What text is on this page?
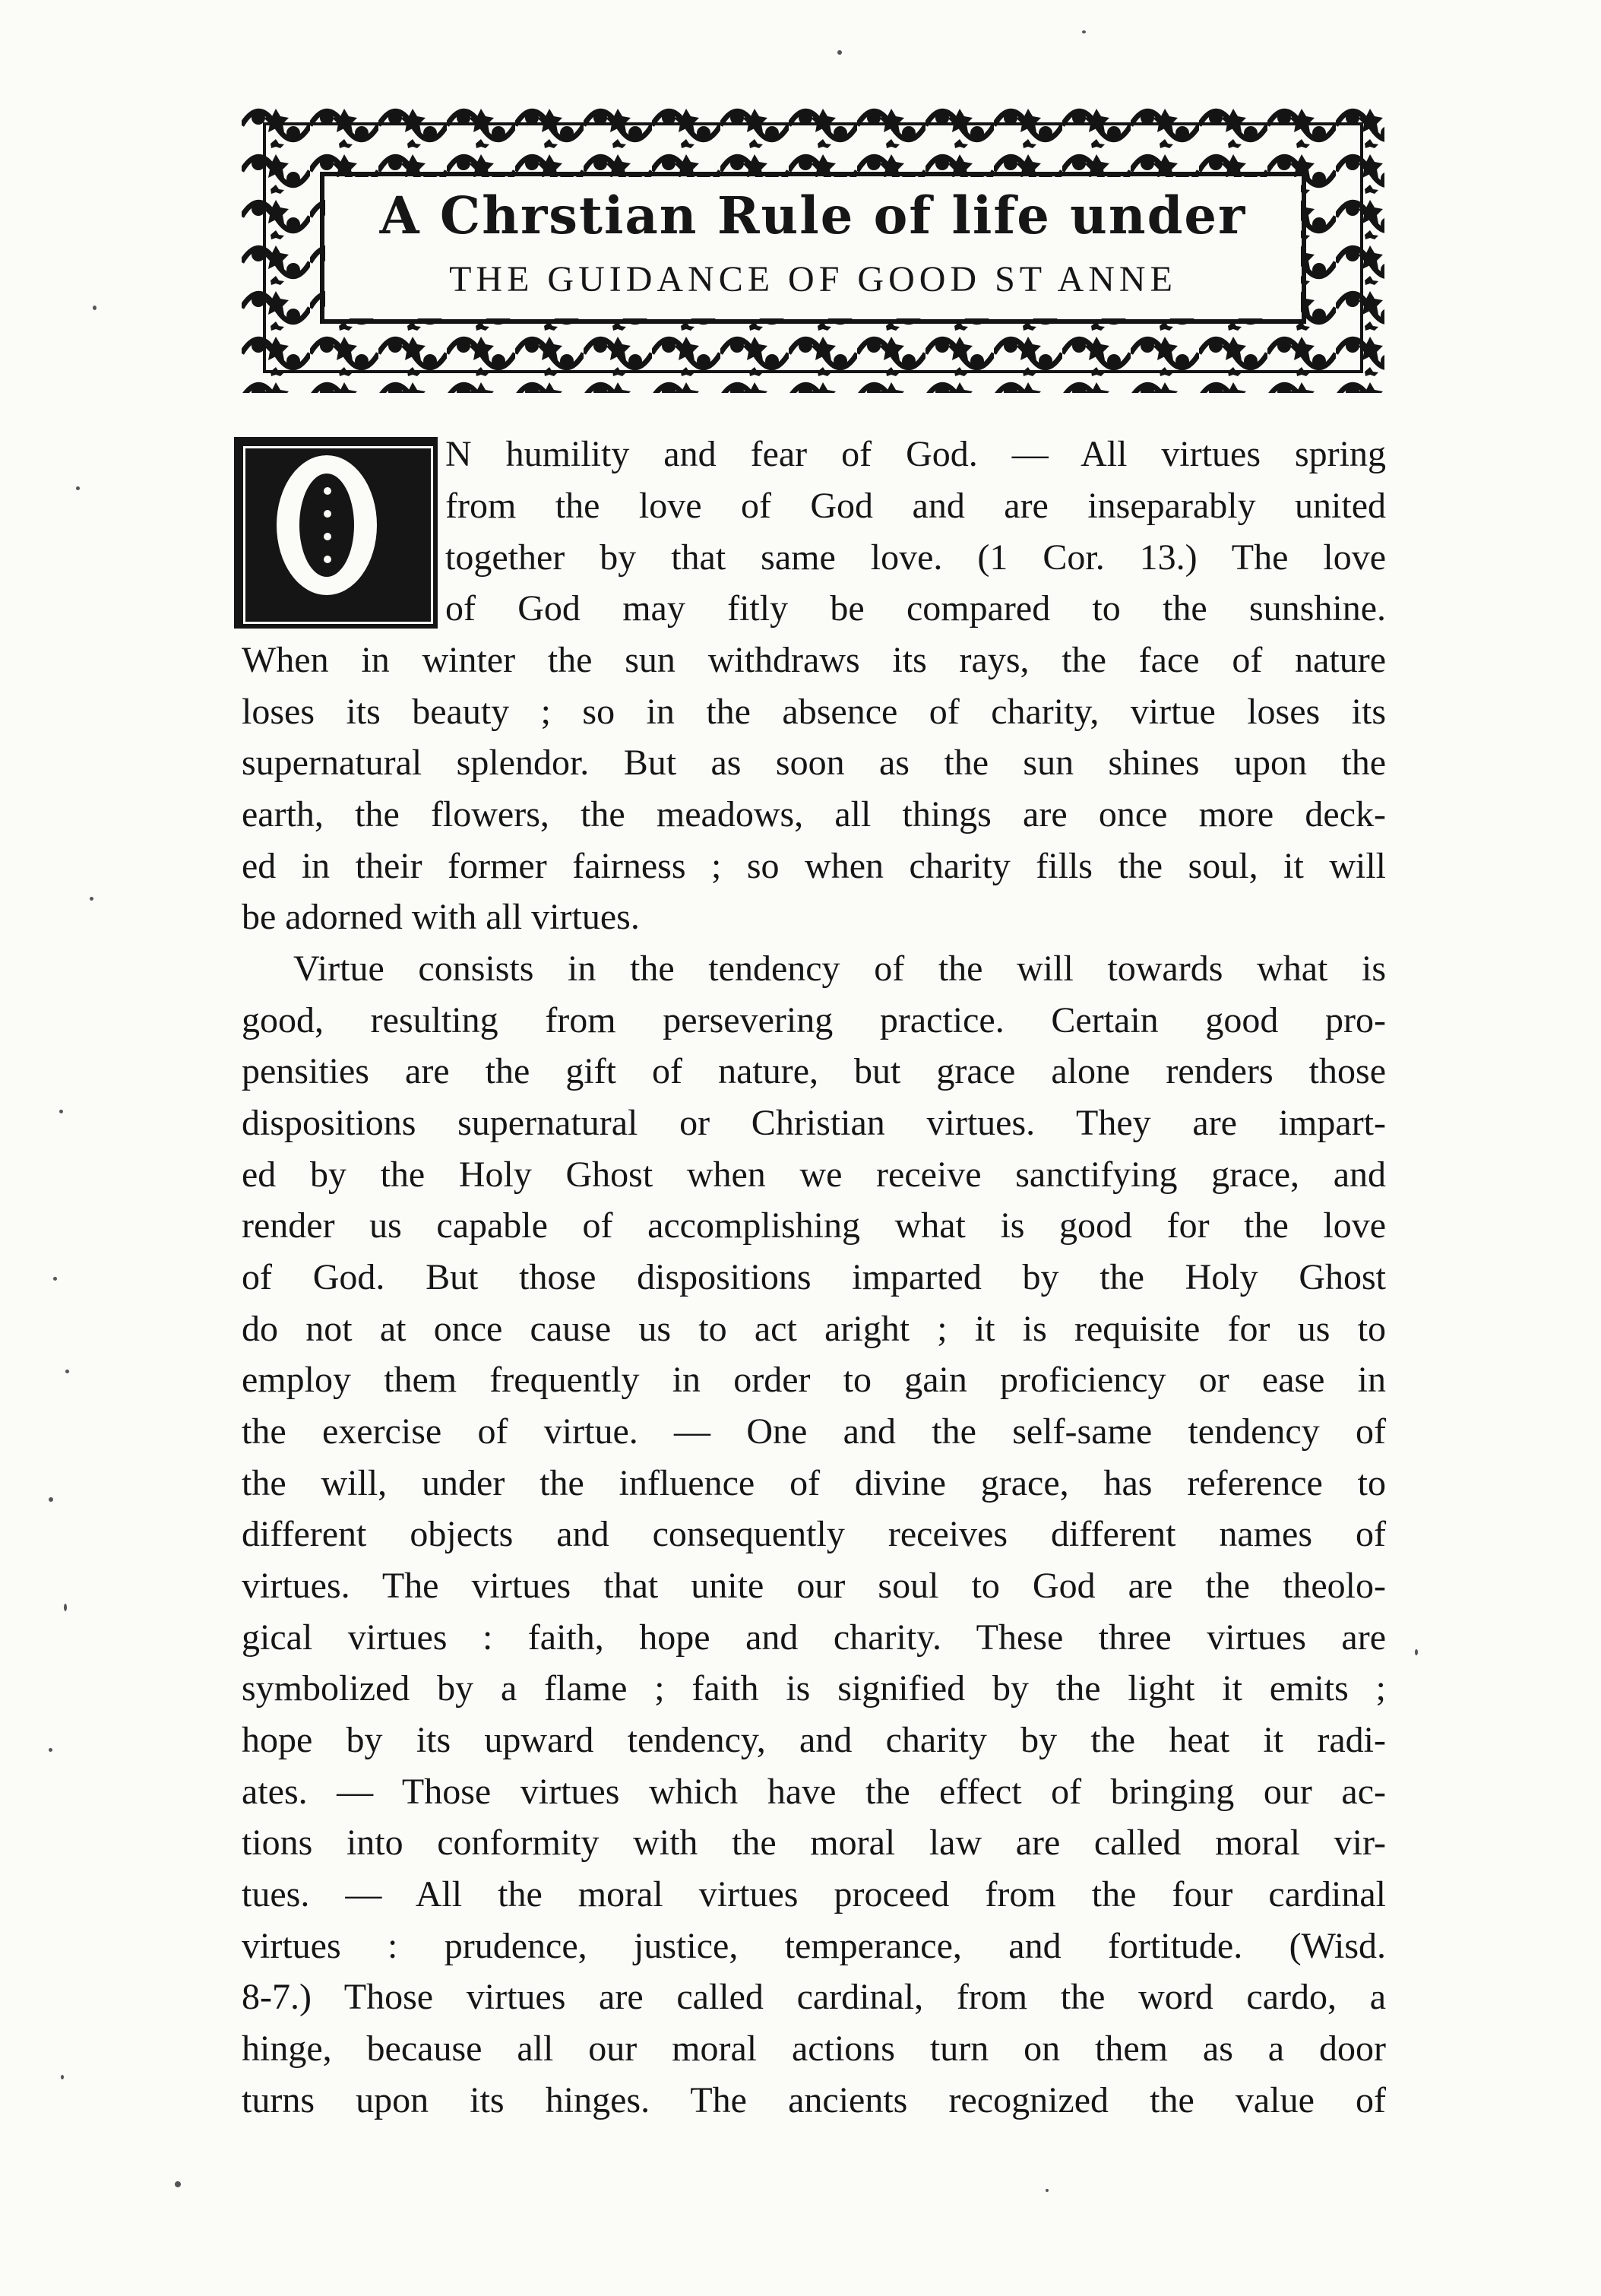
A Chrstian Rule of life under
THE GUIDANCE OF GOOD ST ANNE
N humility and fear of God. — All virtues spring
from the love of God and are inseparably united
together by that same love. (1 Cor. 13.) The love
of God may fitly be compared to the sunshine.
When in winter the sun withdraws its rays, the face of nature
loses its beauty ; so in the absence of charity, virtue loses its
supernatural splendor. But as soon as the sun shines upon the
earth, the flowers, the meadows, all things are once more deck-
ed in their former fairness ; so when charity fills the soul, it will
be adorned with all virtues.
Virtue consists in the tendency of the will towards what is
good, resulting from persevering practice. Certain good pro-
pensities are the gift of nature, but grace alone renders those
dispositions supernatural or Christian virtues. They are impart-
ed by the Holy Ghost when we receive sanctifying grace, and
render us capable of accomplishing what is good for the love
of God. But those dispositions imparted by the Holy Ghost
do not at once cause us to act aright ; it is requisite for us to
employ them frequently in order to gain proficiency or ease in
the exercise of virtue. — One and the self-same tendency of
the will, under the influence of divine grace, has reference to
different objects and consequently receives different names of
virtues. The virtues that unite our soul to God are the theolo-
gical virtues : faith, hope and charity. These three virtues are
symbolized by a flame ; faith is signified by the light it emits ;
hope by its upward tendency, and charity by the heat it radi-
ates. — Those virtues which have the effect of bringing our ac-
tions into conformity with the moral law are called moral vir-
tues. — All the moral virtues proceed from the four cardinal
virtues : prudence, justice, temperance, and fortitude. (Wisd.
8-7.) Those virtues are called cardinal, from the word cardo, a
hinge, because all our moral actions turn on them as a door
turns upon its hinges. The ancients recognized the value of
